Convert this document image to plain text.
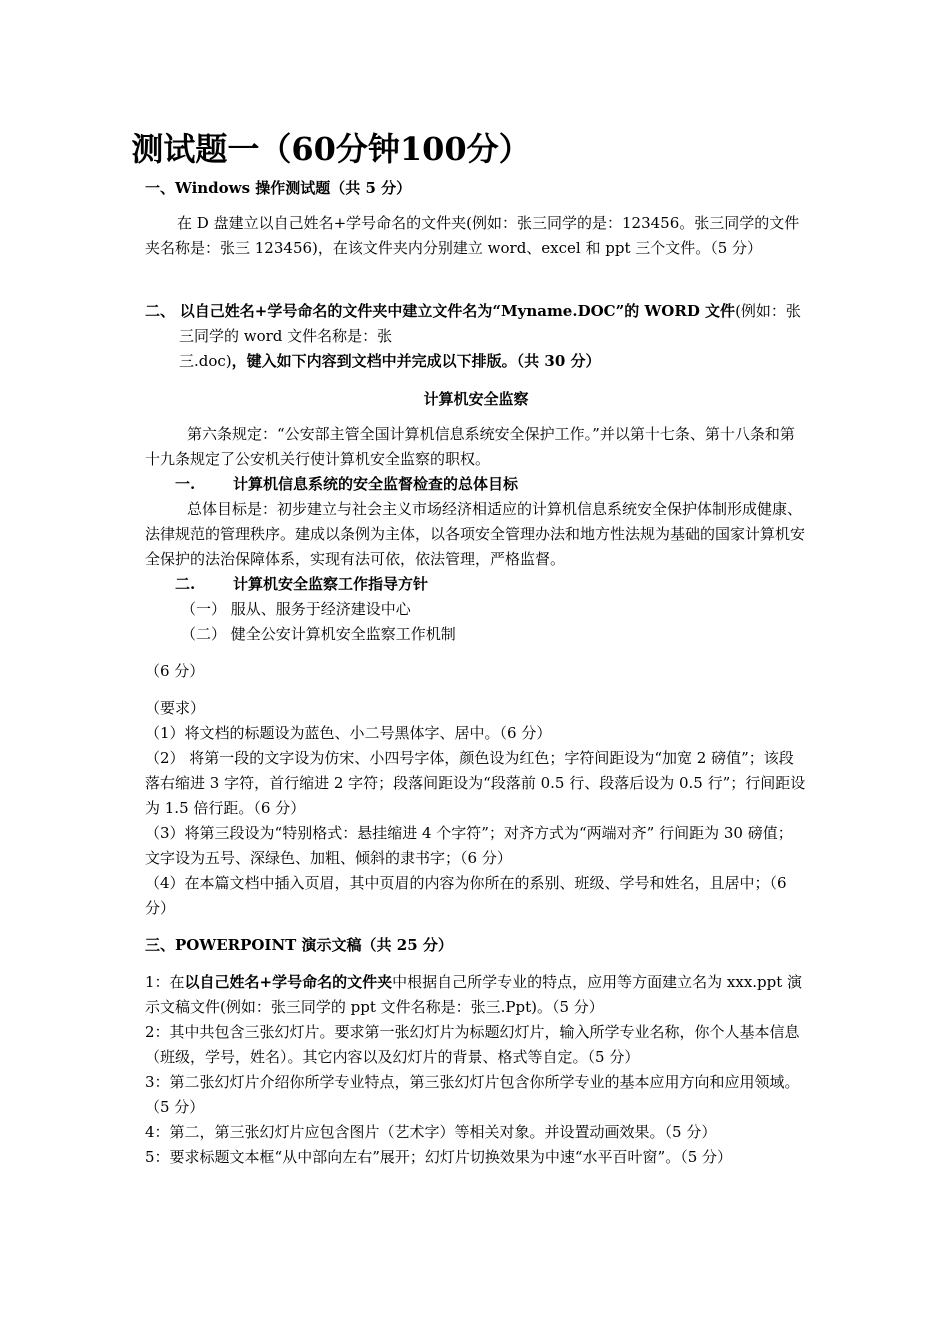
测试题一（60分钟100分）
一、Windows 操作测试题（共 5 分）
在 D 盘建立以自己姓名+学号命名的文件夹(例如：张三同学的是：123456。张三同学的文件夹名称是：张三 123456)，在该文件夹内分别建立 word、excel 和 ppt 三个文件。（5 分）
二、 以自己姓名+学号命名的文件夹中建立文件名为“Myname.DOC”的 WORD 文件(例如：张三同学的 word 文件名称是：张三.doc)，键入如下内容到文档中并完成以下排版。（共 30 分）
计算机安全监察
第六条规定：“公安部主管全国计算机信息系统安全保护工作。”并以第十七条、第十八条和第十九条规定了公安机关行使计算机安全监察的职权。
一.	计算机信息系统的安全监督检查的总体目标
总体目标是：初步建立与社会主义市场经济相适应的计算机信息系统安全保护体制形成健康、法律规范的管理秩序。建成以条例为主体，以各项安全管理办法和地方性法规为基础的国家计算机安全保护的法治保障体系，实现有法可依，依法管理，严格监督。
二.	计算机安全监察工作指导方针
（一） 服从、服务于经济建设中心
（二） 健全公安计算机安全监察工作机制
（6 分）
（要求）
（1）将文档的标题设为蓝色、小二号黑体字、居中。（6 分）
（2） 将第一段的文字设为仿宋、小四号字体，颜色设为红色；字符间距设为“加宽 2 磅值”；该段落右缩进 3 字符，首行缩进 2 字符；段落间距设为“段落前 0.5 行、段落后设为 0.5 行”；行间距设为 1.5 倍行距。（6 分）
（3）将第三段设为“特别格式：悬挂缩进 4 个字符”；对齐方式为“两端对齐” 行间距为 30 磅值；文字设为五号、深绿色、加粗、倾斜的隶书字；（6 分）
（4）在本篇文档中插入页眉，其中页眉的内容为你所在的系别、班级、学号和姓名，且居中；（6 分）
三、POWERPOINT 演示文稿（共 25 分）
1：在以自己姓名+学号命名的文件夹中根据自己所学专业的特点，应用等方面建立名为 xxx.ppt 演示文稿文件(例如：张三同学的 ppt 文件名称是：张三.Ppt)。（5 分）
2：其中共包含三张幻灯片。要求第一张幻灯片为标题幻灯片，输入所学专业名称，你个人基本信息（班级，学号，姓名）。其它内容以及幻灯片的背景、格式等自定。（5 分）
3：第二张幻灯片介绍你所学专业特点，第三张幻灯片包含你所学专业的基本应用方向和应用领域。（5 分）
4：第二，第三张幻灯片应包含图片（艺术字）等相关对象。并设置动画效果。（5 分）
5：要求标题文本框“从中部向左右”展开；幻灯片切换效果为中速“水平百叶窗”。（5 分）
